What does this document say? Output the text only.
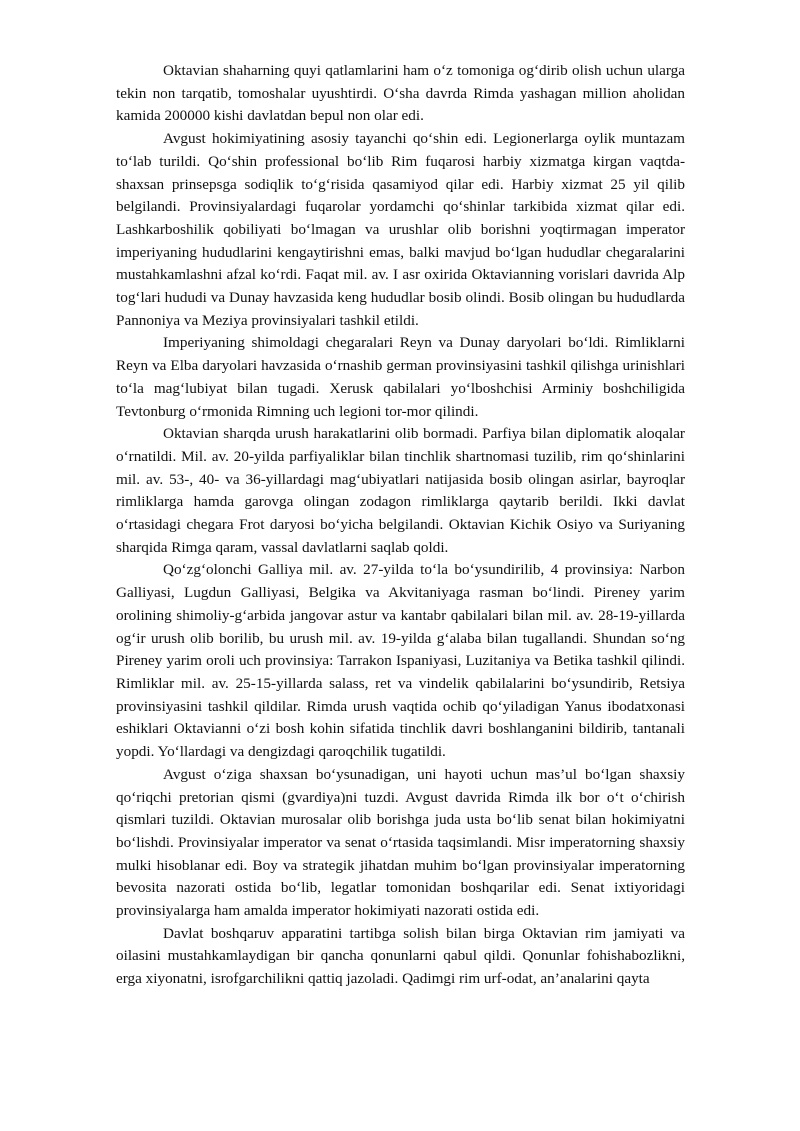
Oktavian shaharning quyi qatlamlarini ham o‘z tomoniga og‘dirib olish uchun ularga tekin non tarqatib, tomoshalar uyushtirdi. O‘sha davrda Rimda yashagan million aholidan kamida 200000 kishi davlatdan bepul non olar edi.

Avgust hokimiyatining asosiy tayanchi qo‘shin edi. Legionerlarga oylik muntazam to‘lab turildi. Qo‘shin professional bo‘lib Rim fuqarosi harbiy xizmatga kirgan vaqtda-shaxsan prinsepsga sodiqlik to‘g‘risida qasamiyod qilar edi. Harbiy xizmat 25 yil qilib belgilandi. Provinsiyalardagi fuqarolar yordamchi qo‘shinlar tarkibida xizmat qilar edi. Lashkarboshilik qobiliyati bo‘lmagan va urushlar olib borishni yoqtirmagan imperator imperiyaning hududlarini kengaytirishni emas, balki mavjud bo‘lgan hududlar chegaralarini mustahkamlashni afzal ko‘rdi. Faqat mil. av. I asr oxirida Oktavianning vorislari davrida Alp tog‘lari hududi va Dunay havzasida keng hududlar bosib olindi. Bosib olingan bu hududlarda Pannoniya va Meziya provinsiyalari tashkil etildi.

Imperiyaning shimoldagi chegaralari Reyn va Dunay daryolari bo‘ldi. Rimliklarni Reyn va Elba daryolari havzasida o‘rnashib german provinsiyasini tashkil qilishga urinishlari to‘la mag‘lubiyat bilan tugadi. Xerusk qabilalari yo‘lboshchisi Arminiy boshchiligida Tevtonburg o‘rmonida Rimning uch legioni tor-mor qilindi.

Oktavian sharqda urush harakatlarini olib bormadi. Parfiya bilan diplomatik aloqalar o‘rnatildi. Mil. av. 20-yilda parfiyaliklar bilan tinchlik shartnomasi tuzilib, rim qo‘shinlarini mil. av. 53-, 40- va 36-yillardagi mag‘ubiyatlari natijasida bosib olingan asirlar, bayroqlar rimliklarga hamda garovga olingan zodagon rimliklarga qaytarib berildi. Ikki davlat o‘rtasidagi chegara Frot daryosi bo‘yicha belgilandi. Oktavian Kichik Osiyo va Suriyaning sharqida Rimga qaram, vassal davlatlarni saqlab qoldi.

Qo‘zg‘olonchi Galliya mil. av. 27-yilda to‘la bo‘ysundirilib, 4 provinsiya: Narbon Galliyasi, Lugdun Galliyasi, Belgika va Akvitaniyaga rasman bo‘lindi. Pireney yarim orolining shimoliy-g‘arbida jangovar astur va kantabr qabilalari bilan mil. av. 28-19-yillarda og‘ir urush olib borilib, bu urush mil. av. 19-yilda g‘alaba bilan tugallandi. Shundan so‘ng Pireney yarim oroli uch provinsiya: Tarrakon Ispaniyasi, Luzitaniya va Betika tashkil qilindi. Rimliklar mil. av. 25-15-yillarda salass, ret va vindelik qabilalarini bo‘ysundirib, Retsiya provinsiyasini tashkil qildilar. Rimda urush vaqtida ochib qo‘yiladigan Yanus ibodatxonasi eshiklari Oktavianni o‘zi bosh kohin sifatida tinchlik davri boshlanganini bildirib, tantanali yopdi. Yo‘llardagi va dengizdagi qaroqchilik tugatildi.

Avgust o‘ziga shaxsan bo‘ysunadigan, uni hayoti uchun mas’ul bo‘lgan shaxsiy qo‘riqchi pretorian qismi (gvardiya)ni tuzdi. Avgust davrida Rimda ilk bor o‘t o‘chirish qismlari tuzildi. Oktavian murosalar olib borishga juda usta bo‘lib senat bilan hokimiyatni bo‘lishdi. Provinsiyalar imperator va senat o‘rtasida taqsimlandi. Misr imperatorning shaxsiy mulki hisoblanar edi. Boy va strategik jihatdan muhim bo‘lgan provinsiyalar imperatorning bevosita nazorati ostida bo‘lib, legatlar tomonidan boshqarilar edi. Senat ixtiyoridagi provinsiyalarga ham amalda imperator hokimiyati nazorati ostida edi.

Davlat boshqaruv apparatini tartibga solish bilan birga Oktavian rim jamiyati va oilasini mustahkamlaydigan bir qancha qonunlarni qabul qildi. Qonunlar fohishabozlikni, erga xiyonatni, isrofgarchilikni qattiq jazoladi. Qadimgi rim urf-odat, an’analarini qayta
